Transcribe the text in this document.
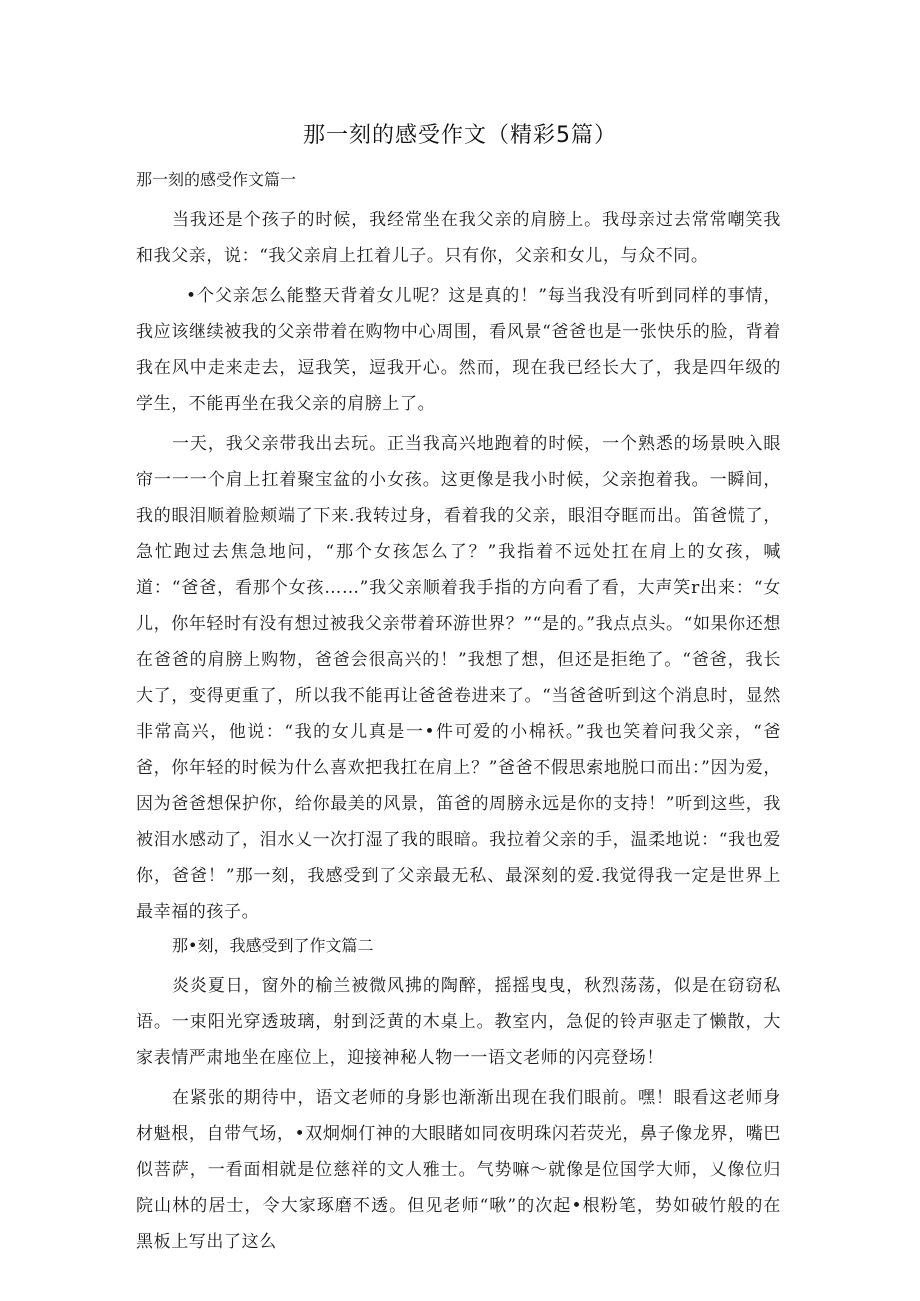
那一刻的感受作文（精彩5篇）
那一刻的感受作文篇一

当我还是个孩子的时候，我经常坐在我父亲的肩膀上。我母亲过去常常嘲笑我和我父亲，说：“我父亲肩上扛着儿子。只有你，父亲和女儿，与众不同。

•个父亲怎么能整天背着女儿呢？这是真的！”每当我没有听到同样的事情，我应该继续被我的父亲带着在购物中心周围，看风景“爸爸也是一张快乐的脸，背着我在风中走来走去，逗我笑，逗我开心。然而，现在我已经长大了，我是四年级的学生，不能再坐在我父亲的肩膀上了。

一天，我父亲带我出去玩。正当我高兴地跑着的时候，一个熟悉的场景映入眼帘一一一个肩上扛着聚宝盆的小女孩。这更像是我小时候，父亲抱着我。一瞬间，我的眼泪顺着脸颊端了下来.我转过身，看着我的父亲，眼泪夺眶而出。笛爸慌了，急忙跑过去焦急地问，“那个女孩怎么了？”我指着不远处扛在肩上的女孩，喊道：“爸爸，看那个女孩……”我父亲顺着我手指的方向看了看，大声笑r出来：“女儿，你年轻时有没有想过被我父亲带着环游世界？”“是的。”我点点头。“如果你还想在爸爸的肩膀上购物，爸爸会很高兴的！”我想了想，但还是拒绝了。“爸爸，我长大了，变得更重了，所以我不能再让爸爸卷进来了。“当爸爸听到这个消息时，显然非常高兴，他说：“我的女儿真是一•件可爱的小棉袄。”我也笑着问我父亲，“爸爸，你年轻的时候为什么喜欢把我扛在肩上？”爸爸不假思索地脱口而出：”因为爱，因为爸爸想保护你，给你最美的风景，笛爸的周膀永远是你的支持！”听到这些，我被泪水感动了，泪水乂一次打湿了我的眼暗。我拉着父亲的手，温柔地说：“我也爱你，爸爸！”那一刻，我感受到了父亲最无私、最深刻的爱.我觉得我一定是世界上最幸福的孩子。

那•刻，我感受到了作文篇二

炎炎夏日，窗外的榆兰被微风拂的陶醉，摇摇曳曳，秋烈荡荡，似是在窃窃私语。一束阳光穿透玻璃，射到泛黄的木桌上。教室内，急促的铃声驱走了懒散，大家表情严肃地坐在座位上，迎接神秘人物一一语文老师的闪亮登场！

在紧张的期待中，语文老师的身影也渐渐出现在我们眼前。嘿！眼看这老师身材魁根，自带气场，•双炯炯仃神的大眼睹如同夜明珠闪若荧光，鼻子像龙界，嘴巴似菩萨，一看面相就是位慈祥的文人雅士。气势嘛～就像是位国学大师，乂像位归院山林的居士，令大家琢磨不透。但见老师“啾”的次起•根粉笔，势如破竹般的在黑板上写出了这么
